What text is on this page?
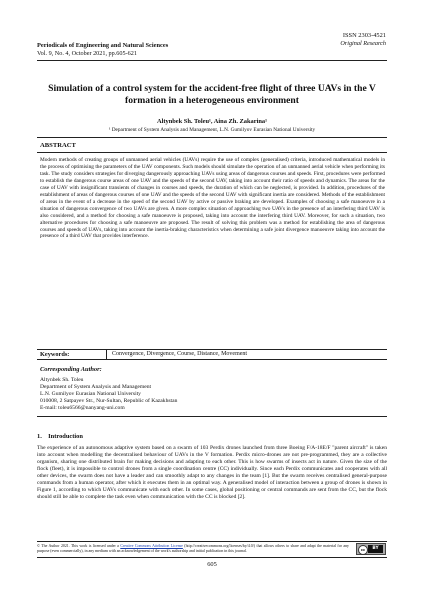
Periodicals of Engineering and Natural Sciences
Vol. 9, No. 4, October 2021, pp.605-621
ISSN 2303-4521
Original Research
Simulation of a control system for the accident-free flight of three UAVs in the V formation in a heterogeneous environment
Altynbek Sh. Toleu¹, Aina Zh. Zakarina¹
¹ Department of System Analysis and Management, L.N. Gumilyov Eurasian National University
ABSTRACT
Modern methods of creating groups of unmanned aerial vehicles (UAVs) require the use of complex (generalised) criteria, introduced mathematical models in the process of optimising the parameters of the UAV components. Such models should simulate the operation of an unmanned aerial vehicle when performing its task. The study considers strategies for diverging dangerously approaching UAVs using areas of dangerous courses and speeds. First, procedures were performed to establish the dangerous course areas of one UAV and the speeds of the second UAV, taking into account their ratio of speeds and dynamics. The areas for the case of UAV with insignificant transients of changes in courses and speeds, the duration of which can be neglected, is provided. In addition, procedures of the establishment of areas of dangerous courses of one UAV and the speeds of the second UAV with significant inertia are considered. Methods of the establishment of areas in the event of a decrease in the speed of the second UAV by active or passive braking are developed. Examples of choosing a safe manoeuvre in a situation of dangerous convergence of two UAVs are given. A more complex situation of approaching two UAVs in the presence of an interfering third UAV is also considered, and a method for choosing a safe manoeuvre is proposed, taking into account the interfering third UAV. Moreover, for such a situation, two alternative procedures for choosing a safe manoeuvre are proposed. The result of solving this problem was a method for establishing the area of dangerous courses and speeds of UAVs, taking into account the inertia-braking characteristics when determining a safe joint divergence manoeuvre taking into account the presence of a third UAV that provides interference.
Keywords:	Convergence, Divergence, Course, Distance, Movement
Corresponding Author:
Altynbek Sh. Toleu
Department of System Analysis and Management
L.N. Gumilyov Eurasian National University
010008, 2 Satpayev Str., Nur-Sultan, Republic of Kazakhstan
E-mail: toleu6566@nanyang-uni.com
1.    Introduction
The experience of an autonomous adaptive system based on a swarm of 103 Perdix drones launched from three Boeing F/A-18E/F "parent aircraft" is taken into account when modelling the decentralised behaviour of UAVs in the V formation. Perdix micro-drones are not pre-programmed, they are a collective organism, sharing one distributed brain for making decisions and adapting to each other. This is how swarms of insects act in nature. Given the size of the flock (fleet), it is impossible to control drones from a single coordination centre (CC) individually. Since each Perdix communicates and cooperates with all other devices, the swarm does not have a leader and can smoothly adapt to any changes in the team [1]. But the swarm receives centralised general-purpose commands from a human operator, after which it executes them in an optimal way. A generalised model of interaction between a group of drones is shown in Figure 1, according to which UAVs communicate with each other. In some cases, global positioning or central commands are sent from the CC, but the flock should still be able to complete the task even when communication with the CC is blocked [2].
© The Author 2021. This work is licensed under a Creative Commons Attribution License (http://creativecommons.org/licenses/by/4.0/) that allows others to share and adapt the material for any purpose (even commercially), in any medium with an acknowledgement of the work's authorship and initial publication in this journal.	cc	BY
605
